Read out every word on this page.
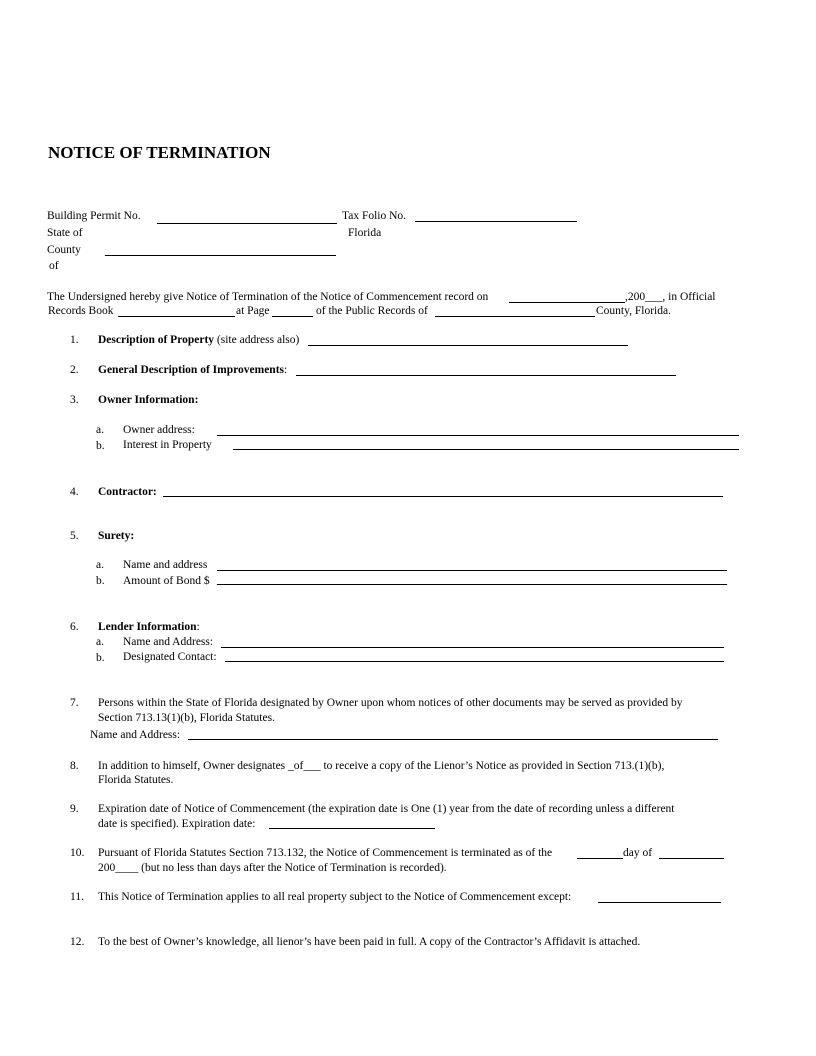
NOTICE OF TERMINATION
Building Permit No.	Tax Folio No.
State of	Florida
County
of
The Undersigned hereby give Notice of Termination of the Notice of Commencement record on	,200___, in Official
Records Book	at Page	of the Public Records of	County, Florida.
1. Description of Property (site address also)
2. General Description of Improvements:
3. Owner Information:
a. Owner address:
b. Interest in Property
4. Contractor:
5. Surety:
a. Name and address
b. Amount of Bond $
6. Lender Information:
a. Name and Address:
b. Designated Contact:
7. Persons within the State of Florida designated by Owner upon whom notices of other documents may be served as provided by
Section 713.13(1)(b), Florida Statutes.
Name and Address:
8. In addition to himself, Owner designates _of___ to receive a copy of the Lienor’s Notice as provided in Section 713.(1)(b),
Florida Statutes.
9. Expiration date of Notice of Commencement (the expiration date is One (1) year from the date of recording unless a different
date is specified). Expiration date:
10. Pursuant of Florida Statutes Section 713.132, the Notice of Commencement is terminated as of the	day of
200____ (but no less than days after the Notice of Termination is recorded).
11. This Notice of Termination applies to all real property subject to the Notice of Commencement except:
12. To the best of Owner’s knowledge, all lienor’s have been paid in full. A copy of the Contractor’s Affidavit is attached.
